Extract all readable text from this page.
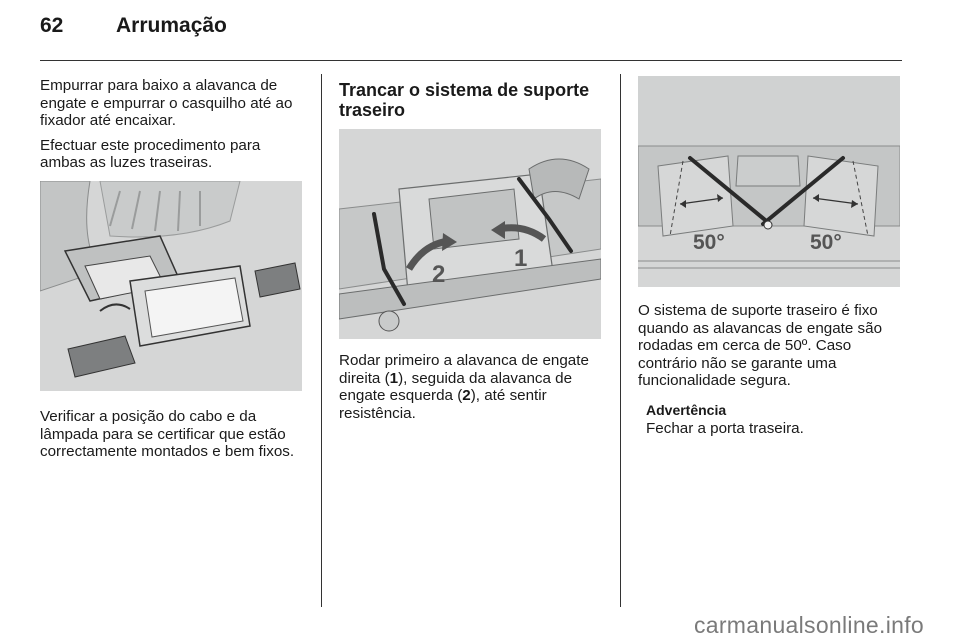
62	Arrumação

Empurrar para baixo a alavanca de engate e empurrar o casquilho até ao fixador até encaixar.

Efectuar este procedimento para ambas as luzes traseiras.

Verificar a posição do cabo e da lâmpada para se certificar que estão correctamente montados e bem fixos.

Trancar o sistema de suporte traseiro
2
1

Rodar primeiro a alavanca de engate direita (1), seguida da alavanca de engate esquerda (2), até sentir resistência.

50°	50°

O sistema de suporte traseiro é fixo quando as alavancas de engate são rodadas em cerca de 50º. Caso contrário não se garante uma funcionalidade segura.

Advertência
Fechar a porta traseira.
carmanualsonline.info
